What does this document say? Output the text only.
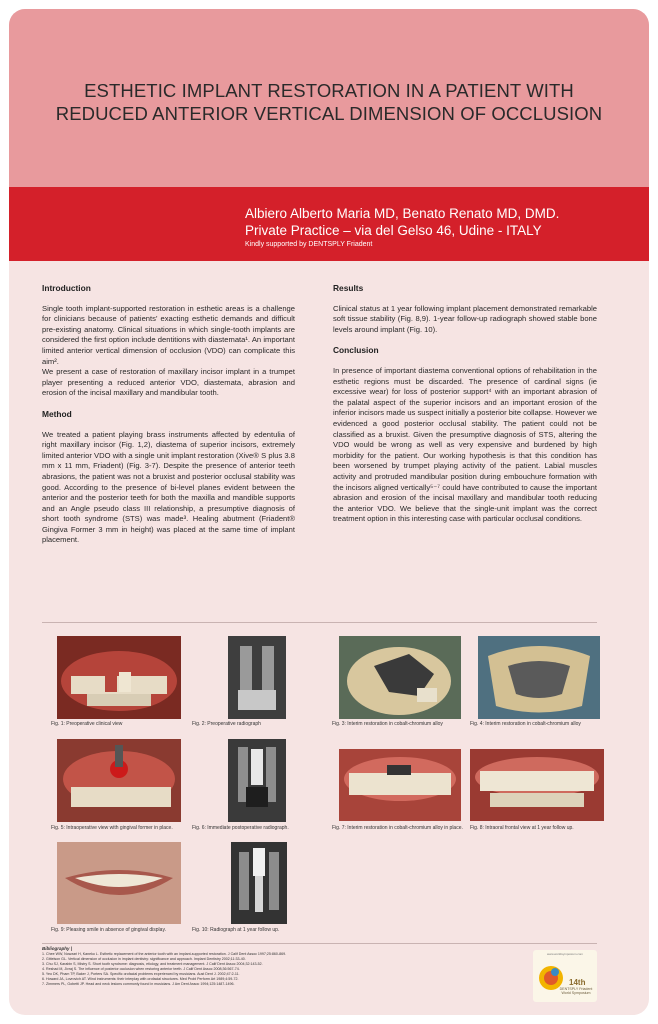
ESTHETIC IMPLANT RESTORATION IN A PATIENT WITH
REDUCED ANTERIOR VERTICAL DIMENSION OF OCCLUSION
Albiero Alberto Maria MD, Benato Renato MD, DMD.
Private Practice – via del Gelso 46, Udine - ITALY
Kindly supported by DENTSPLY Friadent
Introduction

Single tooth implant-supported restoration in esthetic areas is a challenge for clinicians because of patients’ exacting esthetic demands and difficult pre-existing anatomy. Clinical situations in which single-tooth implants are considered the first option include dentitions with diastemata¹. An important limited anterior vertical dimension of occlusion (VDO) can complicate this aim².

We present a case of restoration of maxillary incisor implant in a trumpet player presenting a reduced anterior VDO, diastemata, abrasion and erosion of the incisal maxillary and mandibular tooth.

Method

We treated a patient playing brass instruments affected by edentulia of right maxillary incisor (Fig. 1,2), diastema of superior incisors, extremely limited anterior VDO with a single unit implant restoration (Xive® S plus 3.8 mm x 11 mm, Friadent) (Fig. 3-7). Despite the presence of anterior teeth abrasions, the patient was not a bruxist and posterior occlusal stability was good. According to the presence of bi-level planes evident between the anterior and the posterior teeth for both the maxilla and mandible supports and an Angle pseudo class III relationship, a presumptive diagnosis of short tooth syndrome (STS) was made³. Healing abutment (Friadent® Gingiva Former 3 mm in height) was placed at the same time of implant placement.

Results

Clinical status at 1 year following implant placement demonstrated remarkable soft tissue stability (Fig. 8,9). 1-year follow-up radiograph showed stable bone levels around implant (Fig. 10).

Conclusion

In presence of important diastema conventional options of rehabilitation in the esthetic regions must be discarded. The presence of cardinal signs (ie excessive wear) for loss of posterior support⁴ with an important abrasion of the palatal aspect of the superior incisors and an important erosion of the inferior incisors made us suspect initially a posterior bite collapse. However we evidenced a good posterior occlusal stability. The patient could not be classified as a bruxist. Given the presumptive diagnosis of STS, altering the VDO would be wrong as well as very expensive and burdened by high morbidity for the patient. Our working hypothesis is that this condition has been worsened by trumpet playing activity of the patient. Labial muscles activity and protruded mandibular position during embouchure formation with the incisors aligned vertically⁵⁻⁷ could have contributed to cause the important abrasion and erosion of the incisal maxillary and mandibular tooth reducing the anterior VDO. We believe that the single-unit implant was the correct treatment option in this interesting case with particular occlusal conditions.

Fig. 1: Preoperative clinical view	Fig. 2: Preoperative radiograph	Fig. 3: Interim restoration in cobalt-chromium alloy	Fig. 4: Interim restoration in cobalt-chromium alloy
Fig. 5: Intraoperative view with gingival former in place.	Fig. 6: Immediate postoperative radiograph.	Fig. 7: Interim restoration in cobalt-chromium alloy in place.	Fig. 8: Intraoral frontal view at 1 year follow up.
Fig. 9: Pleasing smile in absence of gingival display.	Fig. 10: Radiograph at 1 year follow up.
Bibliography |
1. Chee WW, Nowzari H, Kaneko L. Esthetic replacement of the anterior tooth with an implant-supported restoration. J Calif Dent Assoc 1997;25:860-869.
2. Gittelson GL. Vertical dimension of occlusion in implant dentistry: significance and approach. Implant Dentistry 2002;11:33-40.
3. Chu SJ, Karabin S, Mistry S. Short tooth syndrome: diagnosis, etiology, and treatment management. J Calif Dent Assoc 2004;32:143-52.
4. Reshad M, Jivraj S. The influence of posterior occlusion when restoring anterior teeth. J Calif Dent Assoc 2008;36:567-74.
5. Yeo DK, Pham TP, Baker J, Porters SA. Specific orofacial problems experienced by musicians. Aust Dent J. 2002;47:2-11.
6. Howard JA, Lovrovich AT. Wind instruments: their interplay with orofacial structures. Med Probl Perform Art 1989;4:59-72.
7. Zimmers PL, Gobetti JP. Head and neck lesions commonly found in musicians. J Am Dent Assoc 1994;125:1487-1496.
www.worldsymposium.com
14th
DENTSPLY Friadent
World Symposium
